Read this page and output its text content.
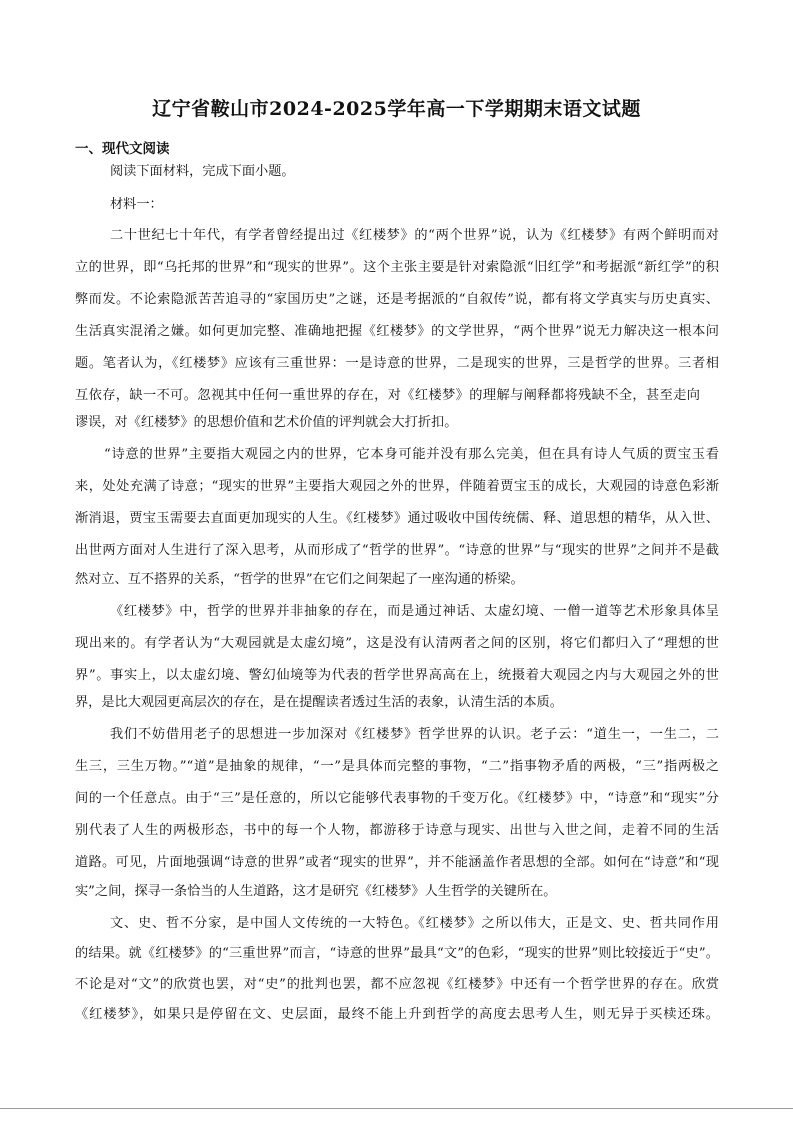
辽宁省鞍山市2024-2025学年高一下学期期末语文试题
一、现代文阅读

阅读下面材料，完成下面小题。

材料一：

二十世纪七十年代，有学者曾经提出过《红楼梦》的“两个世界”说，认为《红楼梦》有两个鲜明而对

立的世界，即“乌托邦的世界”和“现实的世界”。这个主张主要是针对索隐派“旧红学”和考据派“新红学”的积

弊而发。不论索隐派苦苦追寻的“家国历史”之谜，还是考据派的“自叙传”说，都有将文学真实与历史真实、

生活真实混淆之嫌。如何更加完整、准确地把握《红楼梦》的文学世界，“两个世界”说无力解决这一根本问

题。笔者认为，《红楼梦》应该有三重世界：一是诗意的世界，二是现实的世界，三是哲学的世界。三者相

互依存，缺一不可。忽视其中任何一重世界的存在，对《红楼梦》的理解与阐释都将残缺不全，甚至走向

谬误，对《红楼梦》的思想价值和艺术价值的评判就会大打折扣。

“诗意的世界”主要指大观园之内的世界，它本身可能并没有那么完美，但在具有诗人气质的贾宝玉看

来，处处充满了诗意；“现实的世界”主要指大观园之外的世界，伴随着贾宝玉的成长，大观园的诗意色彩渐

渐消退，贾宝玉需要去直面更加现实的人生。《红楼梦》通过吸收中国传统儒、释、道思想的精华，从入世、

出世两方面对人生进行了深入思考，从而形成了“哲学的世界”。“诗意的世界”与“现实的世界”之间并不是截

然对立、互不搭界的关系，“哲学的世界”在它们之间架起了一座沟通的桥梁。

《红楼梦》中，哲学的世界并非抽象的存在，而是通过神话、太虚幻境、一僧一道等艺术形象具体呈

现出来的。有学者认为“大观园就是太虚幻境”，这是没有认清两者之间的区别，将它们都归入了“理想的世

界”。事实上，以太虚幻境、警幻仙境等为代表的哲学世界高高在上，统摄着大观园之内与大观园之外的世

界，是比大观园更高层次的存在，是在提醒读者透过生活的表象，认清生活的本质。

我们不妨借用老子的思想进一步加深对《红楼梦》哲学世界的认识。老子云：“道生一，一生二，二

生三，三生万物。”“道”是抽象的规律，“一”是具体而完整的事物，“二”指事物矛盾的两极，“三”指两极之

间的一个任意点。由于“三”是任意的，所以它能够代表事物的千变万化。《红楼梦》中，“诗意”和“现实”分

别代表了人生的两极形态，书中的每一个人物，都游移于诗意与现实、出世与入世之间，走着不同的生活

道路。可见，片面地强调“诗意的世界”或者“现实的世界”，并不能涵盖作者思想的全部。如何在“诗意”和“现

实”之间，探寻一条恰当的人生道路，这才是研究《红楼梦》人生哲学的关键所在。

文、史、哲不分家，是中国人文传统的一大特色。《红楼梦》之所以伟大，正是文、史、哲共同作用

的结果。就《红楼梦》的“三重世界”而言，“诗意的世界”最具“文”的色彩，“现实的世界”则比较接近于“史”。

不论是对“文”的欣赏也罢，对“史”的批判也罢，都不应忽视《红楼梦》中还有一个哲学世界的存在。欣赏

《红楼梦》，如果只是停留在文、史层面，最终不能上升到哲学的高度去思考人生，则无异于买椟还珠。
